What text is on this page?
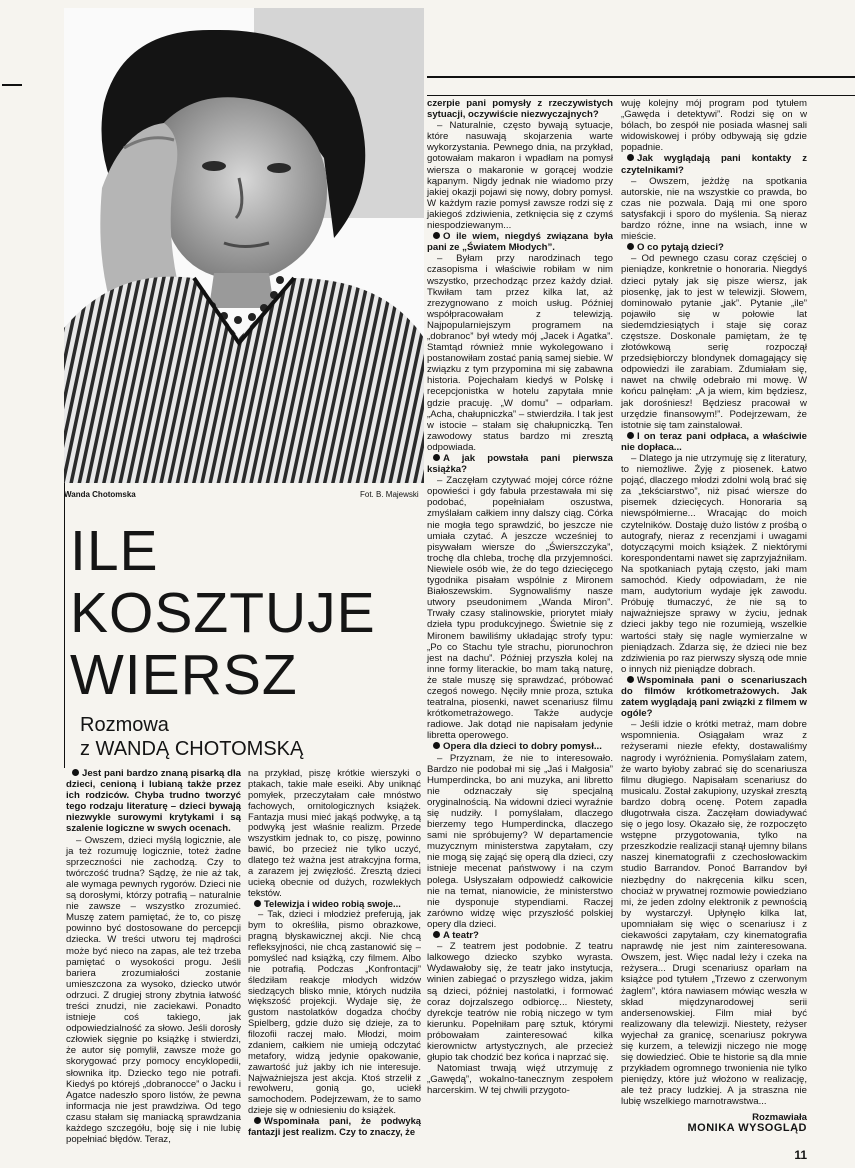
Wanda Chotomska	Fot. B. Majewski
ILE
KOSZTUJE
WIERSZ
Rozmowa
z WANDĄ CHOTOMSKĄ

Jest pani bardzo znaną pisarką dla dzieci, cenioną i lubianą także przez ich rodziców. Chyba trudno tworzyć tego rodzaju literaturę – dzieci bywają niezwykle surowymi krytykami i są szalenie logiczne w swych ocenach.

– Owszem, dzieci myślą logicznie, ale ja też rozumuję logicznie, toteż żadne sprzeczności nie zachodzą. Czy to twórczość trudna? Sądzę, że nie aż tak, ale wymaga pewnych rygorów. Dzieci nie są dorosłymi, którzy potrafią – naturalnie nie zawsze – wszystko zrozumieć. Muszę zatem pamiętać, że to, co piszę powinno być dostosowane do percepcji dziecka. W treści utworu tej mądrości może być nieco na zapas, ale też trzeba pamiętać o wysokości progu. Jeśli bariera zrozumiałości zostanie umieszczona za wysoko, dziecko utwór odrzuci. Z drugiej strony zbytnia łatwość treści znudzi, nie zaciekawi. Ponadto istnieje coś takiego, jak odpowiedzialność za słowo. Jeśli dorosły człowiek sięgnie po książkę i stwierdzi, że autor się pomylił, zawsze może go skorygować przy pomocy encyklopedii, słownika itp. Dziecko tego nie potrafi. Kiedyś po którejś „dobranocce” o Jacku i Agatce nadeszło sporo listów, że pewna informacja nie jest prawdziwa. Od tego czasu stałam się maniacką sprawdzania każdego szczegółu, boję się i nie lubię popełniać błędów. Teraz,

na przykład, piszę krótkie wierszyki o ptakach, takie małe eseiki. Aby uniknąć pomyłek, przeczytałam całe mnóstwo fachowych, ornitologicznych książek. Fantazja musi mieć jakąś podwykę, a tą podwyką jest właśnie realizm. Przede wszystkim jednak to, co piszę, powinno bawić, bo przecież nie tylko uczyć, dlatego też ważna jest atrakcyjna forma, a zarazem jej zwięzłość. Zresztą dzieci ucieką obecnie od dużych, rozwlekłych tekstów.

Telewizja i wideo robią swoje...

– Tak, dzieci i młodzież preferują, jak bym to określiła, pismo obrazkowe, pragną błyskawicznej akcji. Nie chcą refleksyjności, nie chcą zastanowić się – pomyśleć nad książką, czy filmem. Albo nie potrafią. Podczas „Konfrontacji” śledziłam reakcje młodych widzów siedzących blisko mnie, których nudziła większość projekcji. Wydaje się, że gustom nastolatków dogadza choćby Spielberg, gdzie dużo się dzieje, za to filozofii raczej mało. Młodzi, moim zdaniem, całkiem nie umieją odczytać metafory, widzą jedynie opakowanie, zawartość już jakby ich nie interesuje. Najważniejsza jest akcja. Ktoś strzelił z rewolweru, gonią go, uciekł samochodem. Podejrzewam, że to samo dzieje się w odniesieniu do książek.

Wspominała pani, że podwyką fantazji jest realizm. Czy to znaczy, że

czerpie pani pomysły z rzeczywistych sytuacji, oczywiście niezwyczajnych?

– Naturalnie, często bywają sytuacje, które nasuwają skojarzenia warte wykorzystania. Pewnego dnia, na przykład, gotowałam makaron i wpadłam na pomysł wiersza o makaronie w gorącej wodzie kąpanym. Nigdy jednak nie wiadomo przy jakiej okazji pojawi się nowy, dobry pomysł. W każdym razie pomysł zawsze rodzi się z jakiegoś zdziwienia, zetknięcia się z czymś niespodziewanym...

O ile wiem, niegdyś związana była pani ze „Światem Młodych”.

– Byłam przy narodzinach tego czasopisma i właściwie robiłam w nim wszystko, przechodząc przez każdy dział. Tkwiłam tam przez kilka lat, aż zrezygnowano z moich usług. Później współpracowałam z telewizją. Najpopularniejszym programem na „dobranoc” był wtedy mój „Jacek i Agatka”. Stamtąd również mnie wykolegowano i postanowiłam zostać panią samej siebie. W związku z tym przypomina mi się zabawna historia. Pojechałam kiedyś w Polskę i recepcjonistka w hotelu zapytała mnie gdzie pracuję. „W domu” – odparłam. „Acha, chałupniczka” – stwierdziła. I tak jest w istocie – stałam się chałupniczką. Ten zawodowy status bardzo mi zresztą odpowiada.

A jak powstała pani pierwsza książka?

– Zaczęłam czytywać mojej córce różne opowieści i gdy fabuła przestawała mi się podobać, popełniałam oszustwa, zmyślałam całkiem inny dalszy ciąg. Córka nie mogła tego sprawdzić, bo jeszcze nie umiała czytać. A jeszcze wcześniej to pisywałam wiersze do „Świerszczyka”, trochę dla chleba, trochę dla przyjemności. Niewiele osób wie, że do tego dziecięcego tygodnika pisałam wspólnie z Mironem Białoszewskim. Sygnowaliśmy nasze utwory pseudonimem „Wanda Miron”. Trwały czasy stalinowskie, priorytet miały dzieła typu produkcyjnego. Świetnie się z Mironem bawiliśmy układając strofy typu: „Po co Stachu tyle strachu, piorunochron jest na dachu”. Później przyszła kolej na inne formy literackie, bo mam taką naturę, że stale muszę się sprawdzać, próbować czegoś nowego. Nęciły mnie proza, sztuka teatralna, piosenki, nawet scenariusz filmu krótkometrażowego. Także audycje radiowe. Jak dotąd nie napisałam jedynie libretta operowego.

Opera dla dzieci to dobry pomysł...

– Przyznam, że nie to interesowało. Bardzo nie podobał mi się „Jaś i Małgosia” Humperdincka, bo ani muzyka, ani libretto nie odznaczały się specjalną oryginalnością. Na widowni dzieci wyraźnie się nudziły. I pomyślałam, dlaczego bierzemy tego Humperdincka, dlaczego sami nie spróbujemy? W departamencie muzycznym ministerstwa zapytałam, czy nie mogą się zająć się operą dla dzieci, czy istnieje mecenat państwowy i na czym polega. Usłyszałam odpowiedź całkowicie nie na temat, nianowicie, że ministerstwo nie dysponuje stypendiami. Raczej zarówno widzę więc przyszłość polskiej opery dla dzieci.

A teatr?

– Z teatrem jest podobnie. Z teatru lalkowego dziecko szybko wyrasta. Wydawałoby się, że teatr jako instytucja, winien zabiegać o przyszłego widza, jakim są dzieci, później nastolatki, i formować coraz dojrzalszego odbiorcę... Niestety, dyrekcje teatrów nie robią niczego w tym kierunku. Popełniłam parę sztuk, którymi próbowałam zainteresować kilka kierownictw artystycznych, ale przecież głupio tak chodzić bez końca i naprzać się.

Natomiast trwają więź utrzymuję z „Gawędą”, wokalno-tanecznym zespołem harcerskim. W tej chwili przygoto-

wuję kolejny mój program pod tytułem „Gawęda i detektywi”. Rodzi się on w bólach, bo zespół nie posiada własnej sali widowiskowej i próby odbywają się gdzie popadnie.

Jak wyglądają pani kontakty z czytelnikami?

– Owszem, jeżdżę na spotkania autorskie, nie na wszystkie co prawda, bo czas nie pozwala. Dają mi one sporo satysfakcji i sporo do myślenia. Są nieraz bardzo różne, inne na wsiach, inne w mieście.

O co pytają dzieci?

– Od pewnego czasu coraz częściej o pieniądze, konkretnie o honoraria. Niegdyś dzieci pytały jak się pisze wiersz, jak piosenkę, jak to jest w telewizji. Słowem, dominowało pytanie „jak”. Pytanie „ile” pojawiło się w połowie lat siedemdziesiątych i staje się coraz częstsze. Doskonale pamiętam, że tę złotówkową serię rozpoczął przedsiębiorczy blondynek domagający się odpowiedzi ile zarabiam. Zdumiałam się, nawet na chwilę odebrało mi mowę. W końcu palnęłam: „A ja wiem, kim będziesz, jak dorośniesz! Będziesz pracował w urzędzie finansowym!”. Podejrzewam, że istotnie się tam zainstalował.

I on teraz pani odpłaca, a właściwie nie dopłaca...

– Dlatego ja nie utrzymuję się z literatury, to niemożliwe. Żyję z piosenek. Łatwo pojąć, dlaczego młodzi zdolni wolą brać się za „tekściarstwo”, niż pisać wiersze do pisemek dziecięcych. Honoraria są niewspółmierne... Wracając do moich czytelników. Dostaję dużo listów z prośbą o autografy, nieraz z recenzjami i uwagami dotyczącymi moich książek. Z niektórymi korespondentami nawet się zaprzyjaźniłam. Na spotkaniach pytają często, jaki mam samochód. Kiedy odpowiadam, że nie mam, audytorium wydaje jęk zawodu. Próbuję tłumaczyć, że nie są to najważniejsze sprawy w życiu, jednak dzieci jakby tego nie rozumieją, wszelkie wartości stały się nagle wymierzalne w pieniądzach. Zdarza się, że dzieci nie bez zdziwienia po raz pierwszy słyszą ode mnie o innych niż pieniądze dobrach.

Wspominała pani o scenariuszach do filmów krótkometrażowych. Jak zatem wyglądają pani związki z filmem w ogóle?

– Jeśli idzie o krótki metraż, mam dobre wspomnienia. Osiągałam wraz z reżyserami niezłe efekty, dostawaliśmy nagrody i wyróżnienia. Pomyślałam zatem, że warto byłoby zabrać się do scenariusza filmu długiego. Napisałam scenariusz do musicalu. Został zakupiony, uzyskał zresztą bardzo dobrą ocenę. Potem zapadła długotrwała cisza. Zaczęłam dowiadywać się o jego losy. Okazało się, że rozpoczęto wstępne przygotowania, tylko na przeszkodzie realizacji stanął ujemny bilans naszej kinematografii z czechosłowackim studio Barrandov. Ponoć Barrandov był niezbędny do nakręcenia kilku scen, chociaż w prywatnej rozmowie powiedziano mi, że jeden zdolny elektronik z pewnością by wystarczył. Upłynęło kilka lat, upomniałam się więc o scenariusz i z ciekawości zapytałam, czy kinematografia naprawdę nie jest nim zainteresowana. Owszem, jest. Więc nadal leży i czeka na reżysera... Drugi scenariusz oparłam na książce pod tytułem „Trzewo z czerwonym żaglem”, która nawiasem mówiąc weszła w skład międzynarodowej serii andersenowskiej. Film miał być realizowany dla telewizji. Niestety, reżyser wyjechał za granicę, scenariusz pokrywa się kurzem, a telewizji niczego nie mogę się dowiedzieć. Obie te historie są dla mnie przykładem ogromnego trwonienia nie tylko pieniędzy, które już włożono w realizację, ale też pracy ludzkiej. A ja straszna nie lubię wszelkiego marnotrawstwa...

Rozmawiała
MONIKA WYSOGLĄD
11
